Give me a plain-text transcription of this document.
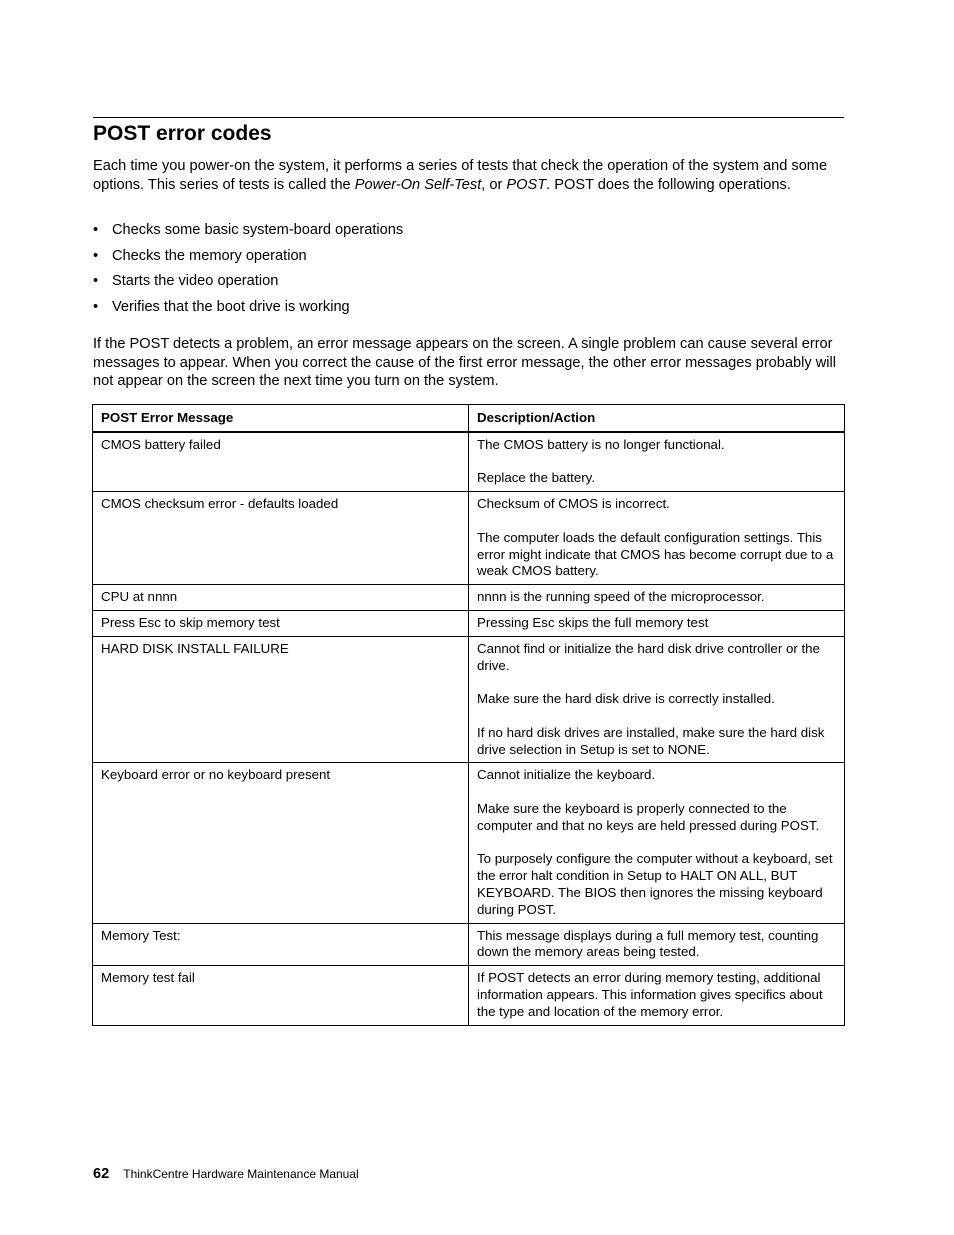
POST error codes

Each time you power-on the system, it performs a series of tests that check the operation of the system and some options. This series of tests is called the Power-On Self-Test, or POST. POST does the following operations.

• Checks some basic system-board operations
• Checks the memory operation
• Starts the video operation
• Verifies that the boot drive is working

If the POST detects a problem, an error message appears on the screen. A single problem can cause several error messages to appear. When you correct the cause of the first error message, the other error messages probably will not appear on the screen the next time you turn on the system.

POST Error Message	Description/Action
CMOS battery failed	The CMOS battery is no longer functional.

Replace the battery.

CMOS checksum error - defaults loaded	Checksum of CMOS is incorrect.

The computer loads the default configuration settings. This error might indicate that CMOS has become corrupt due to a weak CMOS battery.

CPU at nnnn	nnnn is the running speed of the microprocessor.

Press Esc to skip memory test	Pressing Esc skips the full memory test

HARD DISK INSTALL FAILURE	Cannot find or initialize the hard disk drive controller or the drive.

Make sure the hard disk drive is correctly installed.

If no hard disk drives are installed, make sure the hard disk drive selection in Setup is set to NONE.

Keyboard error or no keyboard present	Cannot initialize the keyboard.

Make sure the keyboard is properly connected to the computer and that no keys are held pressed during POST.

To purposely configure the computer without a keyboard, set the error halt condition in Setup to HALT ON ALL, BUT KEYBOARD. The BIOS then ignores the missing keyboard during POST.

Memory Test:	This message displays during a full memory test, counting down the memory areas being tested.

Memory test fail	If POST detects an error during memory testing, additional information appears. This information gives specifics about the type and location of the memory error.

62 ThinkCentre Hardware Maintenance Manual
